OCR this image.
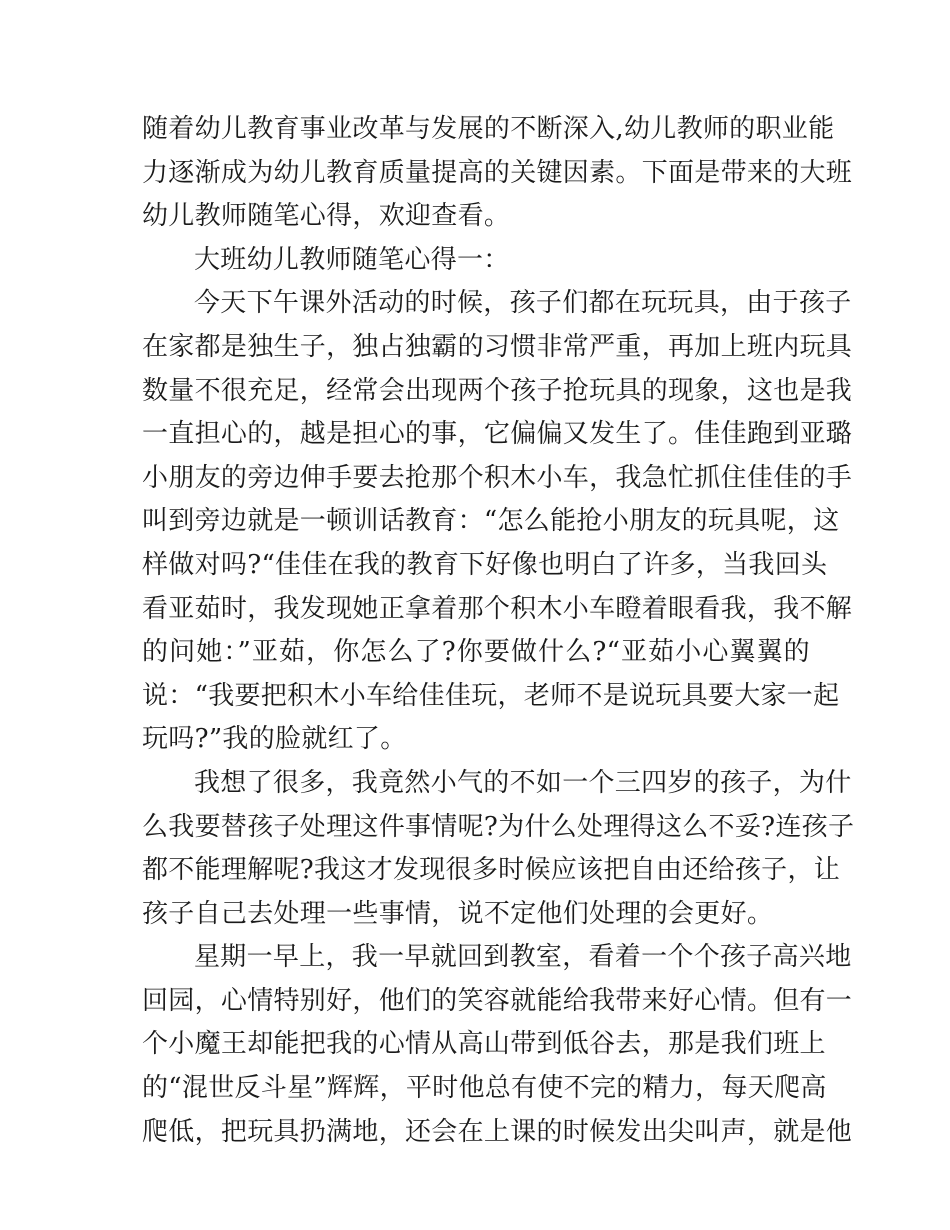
随着幼儿教育事业改革与发展的不断深入,幼儿教师的职业能
力逐渐成为幼儿教育质量提高的关键因素。下面是带来的大班
幼儿教师随笔心得，欢迎查看。

大班幼儿教师随笔心得一：

今天下午课外活动的时候，孩子们都在玩玩具，由于孩子
在家都是独生子，独占独霸的习惯非常严重，再加上班内玩具
数量不很充足，经常会出现两个孩子抢玩具的现象，这也是我
一直担心的，越是担心的事，它偏偏又发生了。佳佳跑到亚璐
小朋友的旁边伸手要去抢那个积木小车，我急忙抓住佳佳的手
叫到旁边就是一顿训话教育：“怎么能抢小朋友的玩具呢，这
样做对吗?“佳佳在我的教育下好像也明白了许多，当我回头
看亚茹时，我发现她正拿着那个积木小车瞪着眼看我，我不解
的问她：”亚茹，你怎么了?你要做什么?“亚茹小心翼翼的
说：“我要把积木小车给佳佳玩，老师不是说玩具要大家一起
玩吗?”我的脸就红了。

我想了很多，我竟然小气的不如一个三四岁的孩子，为什
么我要替孩子处理这件事情呢?为什么处理得这么不妥?连孩子
都不能理解呢?我这才发现很多时候应该把自由还给孩子，让
孩子自己去处理一些事情，说不定他们处理的会更好。

星期一早上，我一早就回到教室，看着一个个孩子高兴地
回园，心情特别好，他们的笑容就能给我带来好心情。但有一
个小魔王却能把我的心情从高山带到低谷去，那是我们班上
的“混世反斗星”辉辉，平时他总有使不完的精力，每天爬高
爬低，把玩具扔满地，还会在上课的时候发出尖叫声，就是他
